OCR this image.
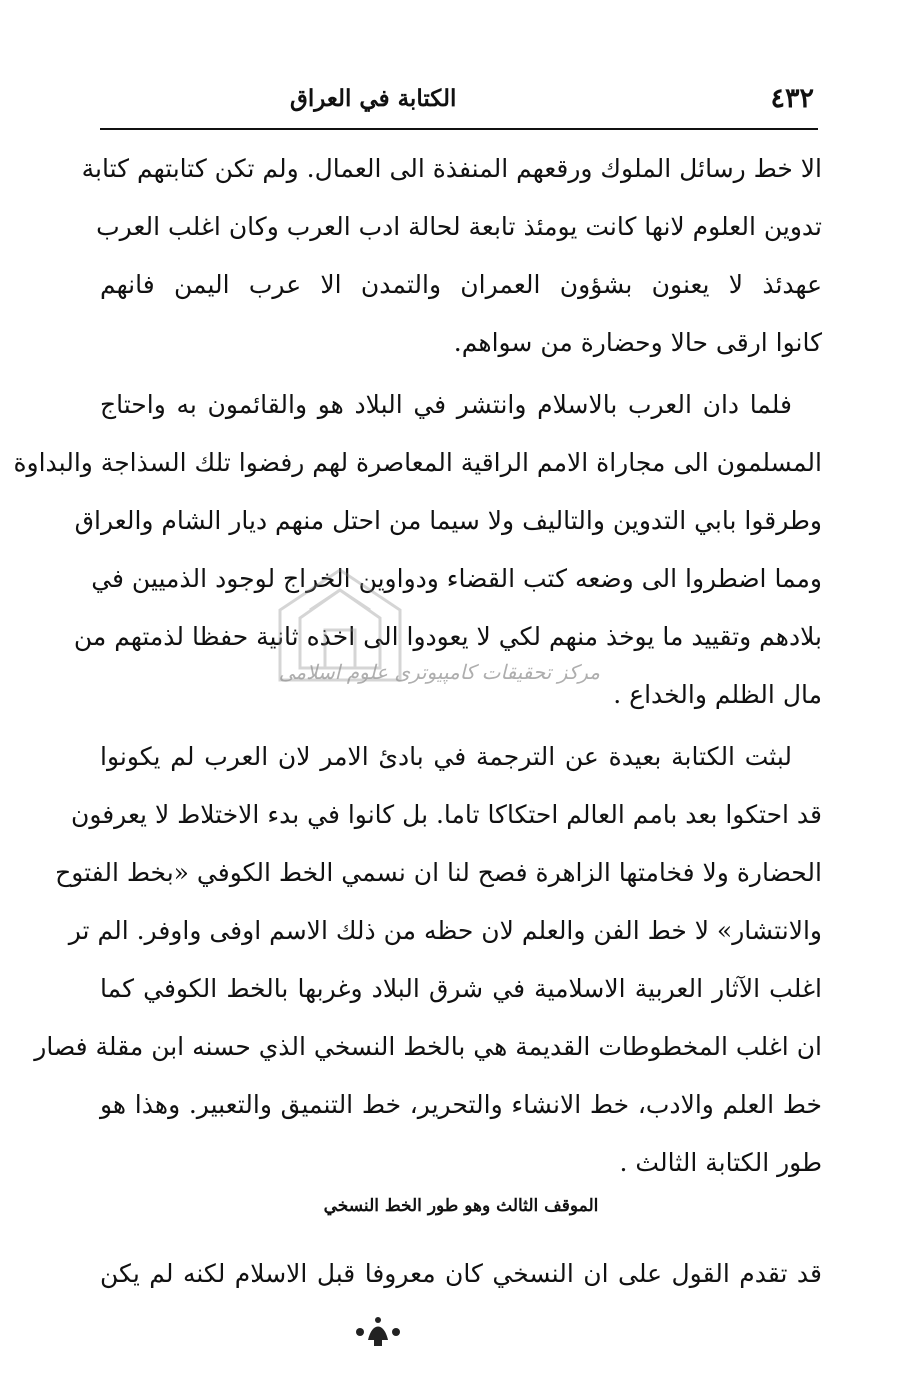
٤٣٢
الكتابة في العراق
الا خط رسائل الملوك ورقعهم المنفذة الى العمال. ولم تكن كتابتهم كتابة
تدوين العلوم لانها كانت يومئذ تابعة لحالة ادب العرب وكان اغلب العرب
عهدئذ لا يعنون بشؤون العمران والتمدن الا عرب اليمن فانهم
كانوا ارقى حالا وحضارة من سواهم.
فلما دان العرب بالاسلام وانتشر في البلاد هو والقائمون به واحتاج
المسلمون الى مجاراة الامم الراقية المعاصرة لهم رفضوا تلك السذاجة والبداوة
وطرقوا بابي التدوين والتاليف ولا سيما من احتل منهم ديار الشام والعراق
ومما اضطروا الى وضعه كتب القضاء ودواوين الخراج لوجود الذميين في
بلادهم وتقييد ما يوخذ منهم لكي لا يعودوا الى اخذه ثانية حفظا لذمتهم من
مال الظلم والخداع .
لبثت الكتابة بعيدة عن الترجمة في بادئ الامر لان العرب لم يكونوا
قد احتكوا بعد بامم العالم احتكاكا تاما. بل كانوا في بدء الاختلاط لا يعرفون
الحضارة ولا فخامتها الزاهرة فصح لنا ان نسمي الخط الكوفي «بخط الفتوح
والانتشار» لا خط الفن والعلم لان حظه من ذلك الاسم اوفى واوفر. الم تر
اغلب الآثار العربية الاسلامية في شرق البلاد وغربها بالخط الكوفي كما
ان اغلب المخطوطات القديمة هي بالخط النسخي الذي حسنه ابن مقلة فصار
خط العلم والادب، خط الانشاء والتحرير، خط التنميق والتعبير. وهذا هو
طور الكتابة الثالث .
الموقف الثالث وهو طور الخط النسخي
قد تقدم القول على ان النسخي كان معروفا قبل الاسلام لكنه لم يكن
مرکز تحقیقات کامپیوتری علوم اسلامی
